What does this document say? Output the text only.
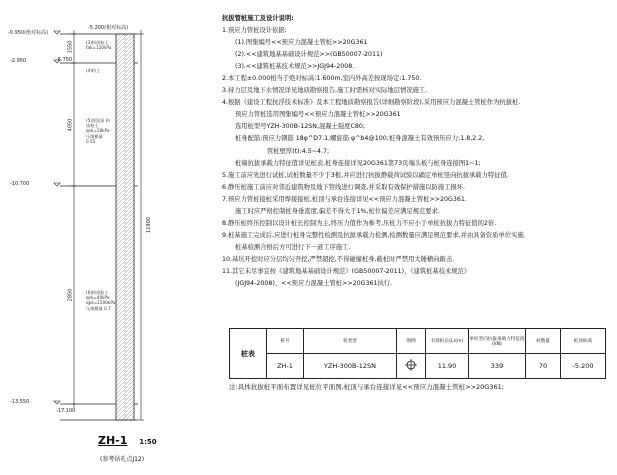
-5.200(相对标高)
-0.950(绝对标高)
-6.750
-2.950
-10.700
-13.550
-17.100
(3)粉质粘土 fak=120kPa
(4)粉土
(5)淤泥质 粉质粘土 qsk=18kPa 压缩模量 0.55
(6)粉质粘土 qsk=40kPa qpk=1500kPa 压缩模量 0.7
1550
4050
2850
11900
抗拔管桩施工及设计说明:
1.预应力管桩设计依据:
(1).图集编号<<预应力混凝土管桩>>20G361
(2).<<建筑地基基础设计规范>>(GB50007-2011)
(3).<<建筑桩基技术规范>>JGJ94-2008.
2.本工程±0.000相当于绝对标高:1.600m,室内外高差按现场定:1.750.
3.持力层及地下水情况详见地质勘察报告,施工时需核对实际地层情况施工.
4.根据《建设工程抗浮技术标准》及本工程地质勘察报告(详细勘察阶段),采用预应力混凝土管桩作为抗拔桩.
预应力管桩选用图集编号<<预应力混凝土管桩>>20G361
选用桩型号YZH-300B-12SN,混凝土强度C80;
桩身配筋:预应力钢筋 18φ^D7.1,螺旋筋 φ^b4@100;桩身混凝土有效预压应力:1.8,2.2,
管桩壁厚(t):4.5~4.7;
桩端抗拔承载力特征值详见桩表,桩身连接详见20G361第73页端头板与桩身连接图1~1;
5.施工前应先进行试桩,试桩数量不少于3根,并应进行抗拔静载荷试验以确定单桩竖向抗拔承载力特征值.
6.静压桩施工前应对邻近建筑物及地下管线进行调查,并采取有效保护措施以防施工损坏.
7.预应力管桩接桩采用焊接接桩,桩顶与承台连接详见<<预应力混凝土管桩>>20G361.
施工时应严格控制桩身垂直度,偏差不得大于1%,桩位偏差应满足规范要求.
8.静压桩终压控制以设计桩长控制为主,终压力值作为参考,压桩力不应小于单桩抗拔力特征值的2倍.
9.桩基施工完成后,应进行桩身完整性检测及抗拔承载力检测,检测数量应满足规范要求,并由具备资质单位实施.
桩基检测合格后方可进行下一道工序施工.
10.基坑开挖时应分层均匀开挖,严禁超挖,不得碰撞桩身,截桩时严禁用大锤横向敲击.
11.其它未尽事宜按《建筑地基基础设计规范》(GB50007-2011)、《建筑桩基技术规范》
(JGJ94-2008)、<<预应力混凝土管桩>>20G361执行.
桩表	桩号	桩类型	图例	有效桩长(L)(m)	单桩竖向抗拔承载力特征值(kN)	桩数量	桩顶标高
	ZH-1	YZH-300B-12SN		11.90	339	70	-5.200
注:具体抗拔桩平面布置详见桩位平面图,桩顶与承台连接详见<<预应力混凝土管桩>>20G361;
ZH-1 1:50
(参考钻孔点J12)
